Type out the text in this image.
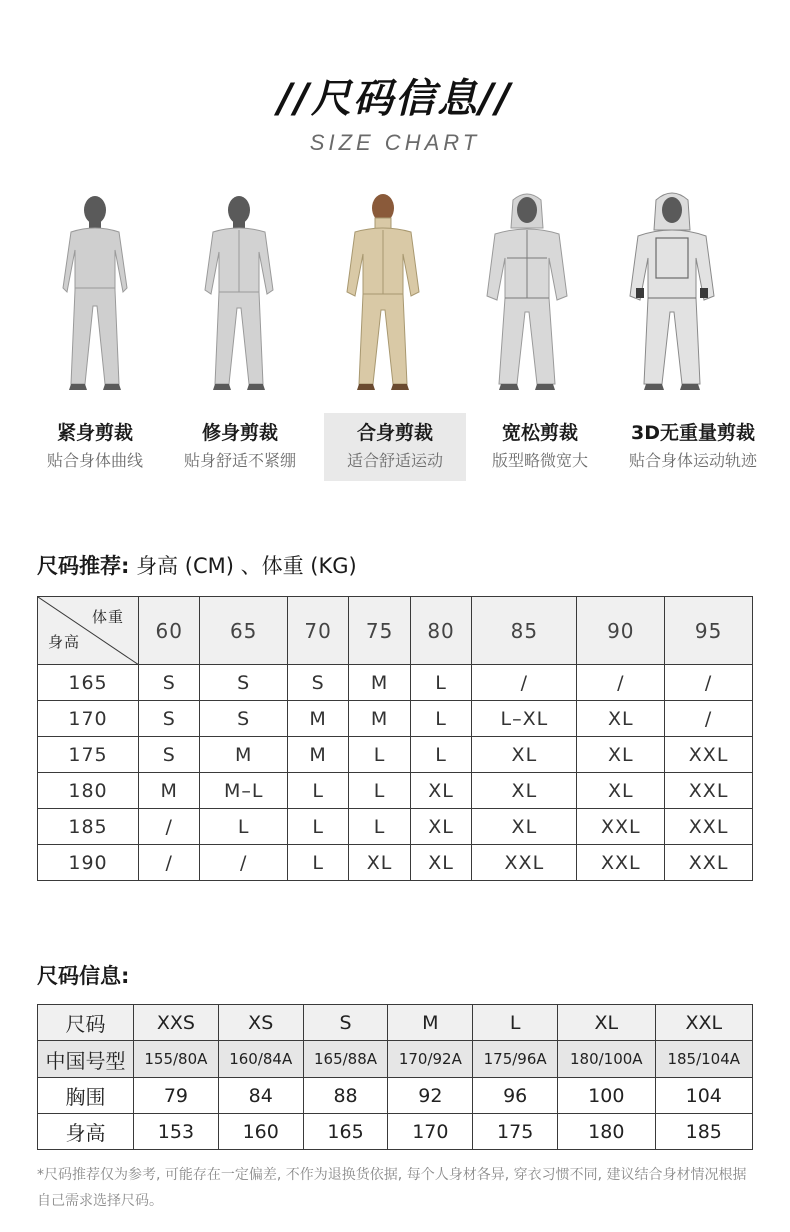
//尺码信息//
SIZE CHART
紧身剪裁
贴合身体曲线
修身剪裁
贴身舒适不紧绷
合身剪裁
适合舒适运动
宽松剪裁
版型略微宽大
3D无重量剪裁
贴合身体运动轨迹
尺码推荐: 身高 (CM) 、体重 (KG)
体重
身高	60	65	70	75	80	85	90	95
165	S	S	S	M	L	/	/	/
170	S	S	M	M	L	L–XL	XL	/
175	S	M	M	L	L	XL	XL	XXL
180	M	M–L	L	L	XL	XL	XL	XXL
185	/	L	L	L	XL	XL	XXL	XXL
190	/	/	L	XL	XL	XXL	XXL	XXL
尺码信息:
尺码	XXS	XS	S	M	L	XL	XXL
中国号型	155/80A	160/84A	165/88A	170/92A	175/96A	180/100A	185/104A
胸围	79	84	88	92	96	100	104
身高	153	160	165	170	175	180	185
*尺码推荐仅为参考, 可能存在一定偏差, 不作为退换货依据, 每个人身材各异, 穿衣习惯不同, 建议结合身材情况根据自己需求选择尺码。
